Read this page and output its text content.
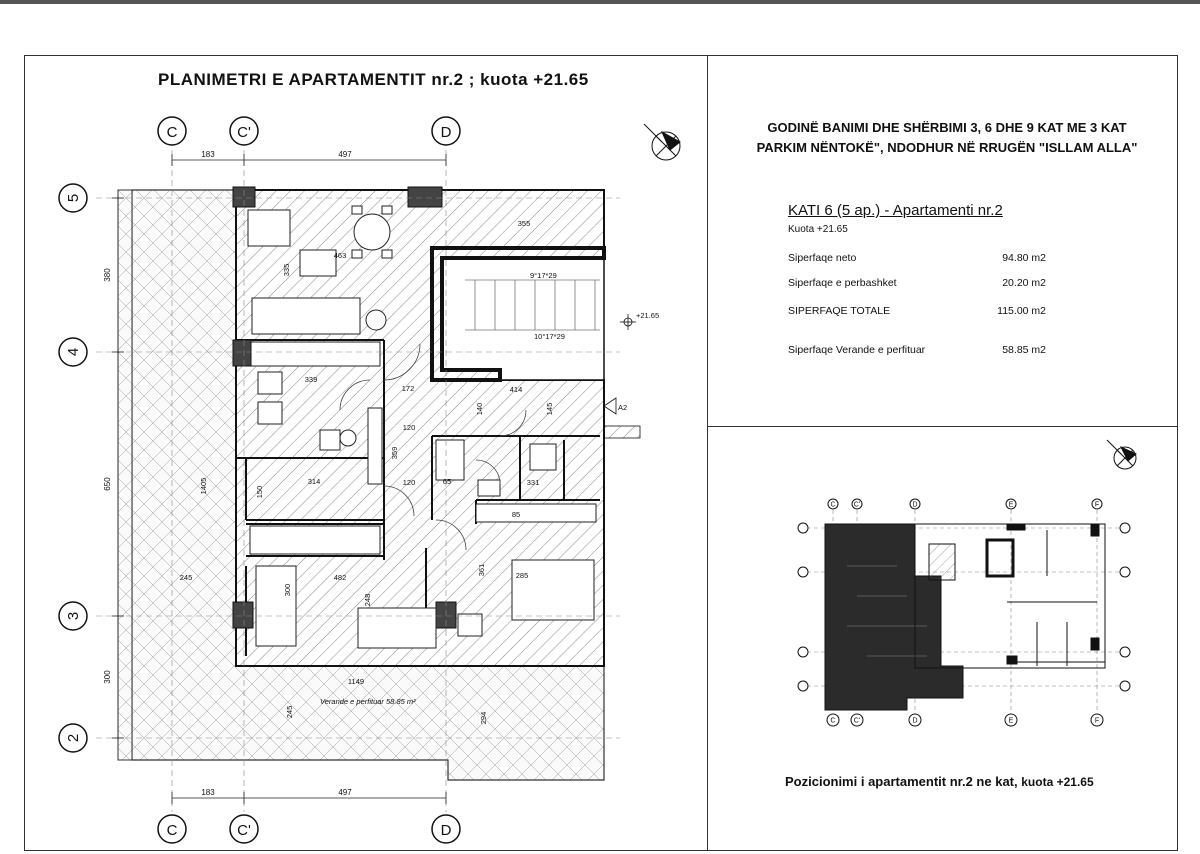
PLANIMETRI E APARTAMENTIT nr.2 ; kuota +21.65
C	C'	D
C	C'	D
5
4
3
2
183	497
183	497
380
650
300
355
335
463
339
172
120
120
140	145
414
331
359
150
314
85
65
245	482
300
248
361	285
1405
1149
245	294
9°17*29
10°17*29
+21.65
A2
Verande e perfituar 58.85 m²
GODINË BANIMI DHE SHËRBIMI 3, 6 DHE 9 KAT ME 3 KAT
PARKIM NËNTOKË", NDODHUR NË RRUGËN "ISLLAM ALLA"
KATI 6 (5 ap.) - Apartamenti nr.2
Kuota +21.65
Siperfaqe neto	94.80 m2
Siperfaqe e perbashket	20.20 m2
SIPERFAQE TOTALE	115.00 m2
Siperfaqe Verande e perfituar	58.85 m2
C	C'	D	E	F
C	C'	D	E	F
Pozicionimi i apartamentit nr.2 ne kat, kuota +21.65
